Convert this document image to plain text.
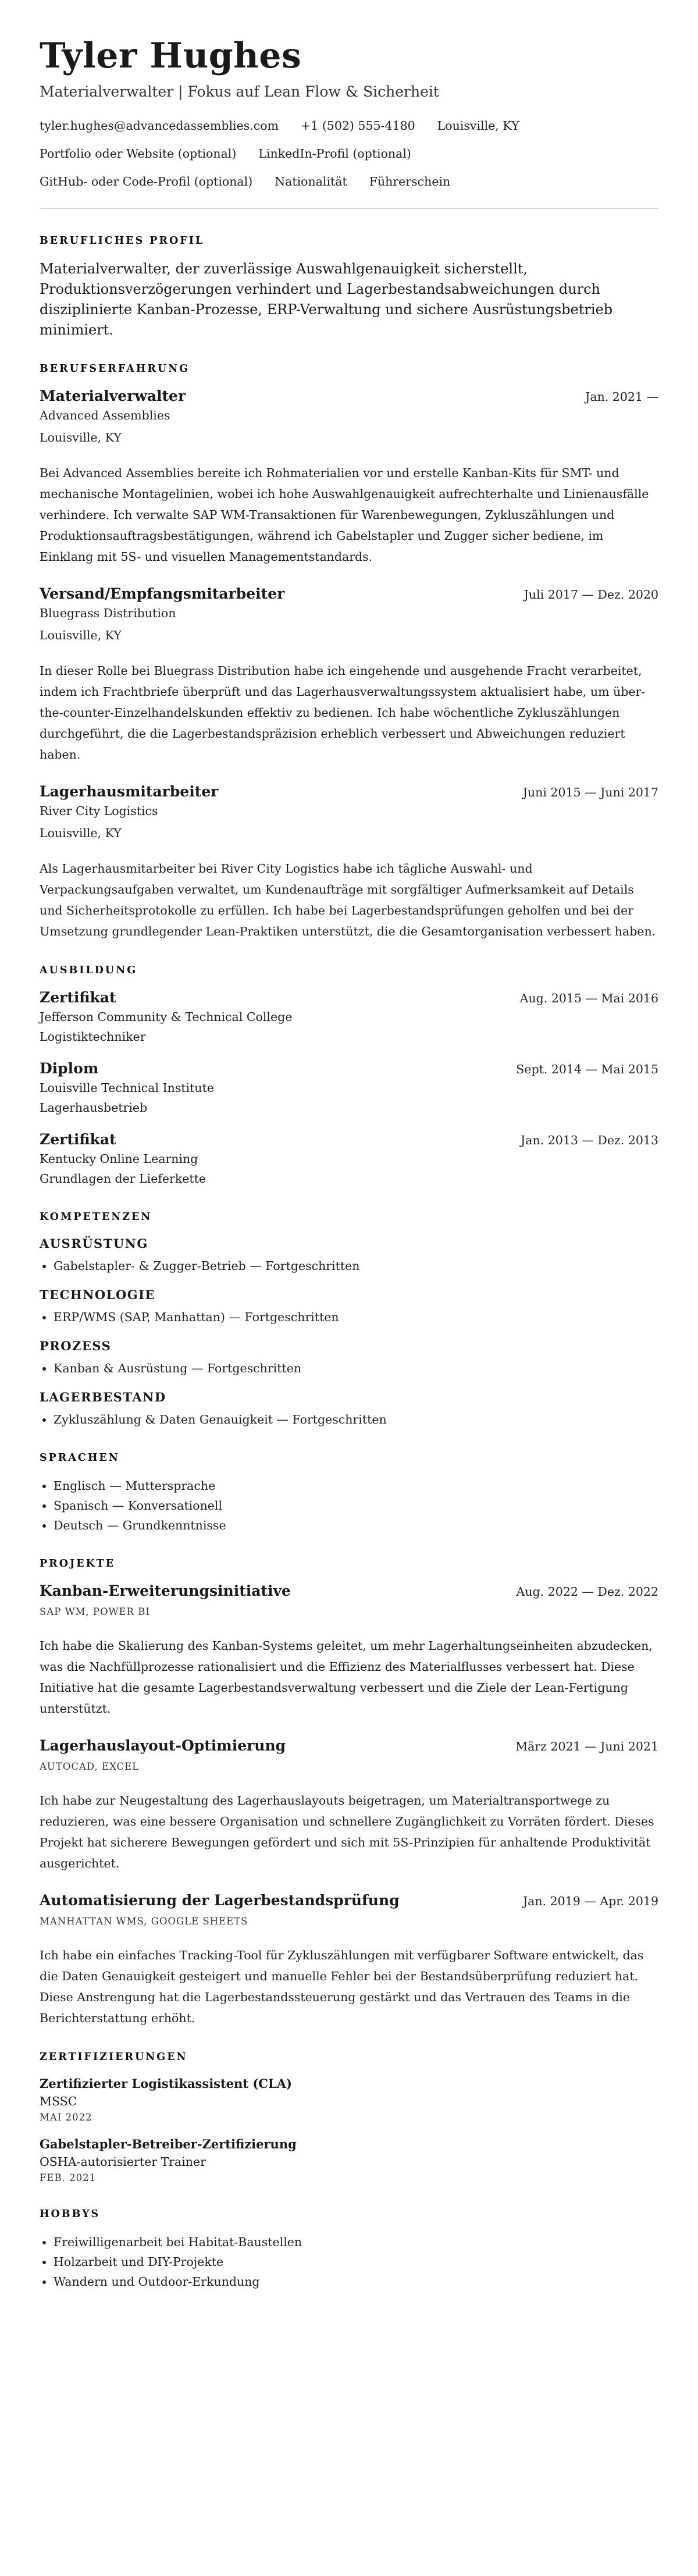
Tyler Hughes
Materialverwalter | Fokus auf Lean Flow & Sicherheit
tyler.hughes@advancedassemblies.com +1 (502) 555-4180 Louisville, KY
Portfolio oder Website (optional) LinkedIn-Profil (optional)
GitHub- oder Code-Profil (optional) Nationalität Führerschein
BERUFLICHES PROFIL

Materialverwalter, der zuverlässige Auswahlgenauigkeit sicherstellt, Produktionsverzögerungen verhindert und Lagerbestandsabweichungen durch disziplinierte Kanban-Prozesse, ERP-Verwaltung und sichere Ausrüstungsbetrieb minimiert.

BERUFSERFAHRUNG
Materialverwalter	Jan. 2021 —
Advanced Assemblies
Louisville, KY

Bei Advanced Assemblies bereite ich Rohmaterialien vor und erstelle Kanban-Kits für SMT- und mechanische Montagelinien, wobei ich hohe Auswahlgenauigkeit aufrechterhalte und Linienausfälle verhindere. Ich verwalte SAP WM-Transaktionen für Warenbewegungen, Zykluszählungen und Produktionsauftragsbestätigungen, während ich Gabelstapler und Zugger sicher bediene, im Einklang mit 5S- und visuellen Managementstandards.

Versand/Empfangsmitarbeiter	Juli 2017 — Dez. 2020
Bluegrass Distribution
Louisville, KY

In dieser Rolle bei Bluegrass Distribution habe ich eingehende und ausgehende Fracht verarbeitet, indem ich Frachtbriefe überprüft und das Lagerhausverwaltungssystem aktualisiert habe, um über-the-counter-Einzelhandelskunden effektiv zu bedienen. Ich habe wöchentliche Zykluszählungen durchgeführt, die die Lagerbestandspräzision erheblich verbessert und Abweichungen reduziert haben.

Lagerhausmitarbeiter	Juni 2015 — Juni 2017
River City Logistics
Louisville, KY

Als Lagerhausmitarbeiter bei River City Logistics habe ich tägliche Auswahl- und Verpackungsaufgaben verwaltet, um Kundenaufträge mit sorgfältiger Aufmerksamkeit auf Details und Sicherheitsprotokolle zu erfüllen. Ich habe bei Lagerbestandsprüfungen geholfen und bei der Umsetzung grundlegender Lean-Praktiken unterstützt, die die Gesamtorganisation verbessert haben.

AUSBILDUNG
Zertifikat	Aug. 2015 — Mai 2016
Jefferson Community & Technical College
Logistiktechniker
Diplom	Sept. 2014 — Mai 2015
Louisville Technical Institute
Lagerhausbetrieb
Zertifikat	Jan. 2013 — Dez. 2013
Kentucky Online Learning
Grundlagen der Lieferkette
KOMPETENZEN
AUSRÜSTUNG
• Gabelstapler- & Zugger-Betrieb — Fortgeschritten
TECHNOLOGIE
• ERP/WMS (SAP, Manhattan) — Fortgeschritten
PROZESS
• Kanban & Ausrüstung — Fortgeschritten
LAGERBESTAND
• Zykluszählung & Daten Genauigkeit — Fortgeschritten
SPRACHEN
• Englisch — Muttersprache
• Spanisch — Konversationell
• Deutsch — Grundkenntnisse
PROJEKTE
Kanban-Erweiterungsinitiative	Aug. 2022 — Dez. 2022
SAP WM, POWER BI

Ich habe die Skalierung des Kanban-Systems geleitet, um mehr Lagerhaltungseinheiten abzudecken, was die Nachfüllprozesse rationalisiert und die Effizienz des Materialflusses verbessert hat. Diese Initiative hat die gesamte Lagerbestandsverwaltung verbessert und die Ziele der Lean-Fertigung unterstützt.

Lagerhauslayout-Optimierung	März 2021 — Juni 2021
AUTOCAD, EXCEL

Ich habe zur Neugestaltung des Lagerhauslayouts beigetragen, um Materialtransportwege zu reduzieren, was eine bessere Organisation und schnellere Zugänglichkeit zu Vorräten fördert. Dieses Projekt hat sicherere Bewegungen gefördert und sich mit 5S-Prinzipien für anhaltende Produktivität ausgerichtet.

Automatisierung der Lagerbestandsprüfung	Jan. 2019 — Apr. 2019
MANHATTAN WMS, GOOGLE SHEETS

Ich habe ein einfaches Tracking-Tool für Zykluszählungen mit verfügbarer Software entwickelt, das die Daten Genauigkeit gesteigert und manuelle Fehler bei der Bestandsüberprüfung reduziert hat. Diese Anstrengung hat die Lagerbestandssteuerung gestärkt und das Vertrauen des Teams in die Berichterstattung erhöht.

ZERTIFIZIERUNGEN
Zertifizierter Logistikassistent (CLA)
MSSC
MAI 2022
Gabelstapler-Betreiber-Zertifizierung
OSHA-autorisierter Trainer
FEB. 2021
HOBBYS
• Freiwilligenarbeit bei Habitat-Baustellen
• Holzarbeit und DIY-Projekte
• Wandern und Outdoor-Erkundung
